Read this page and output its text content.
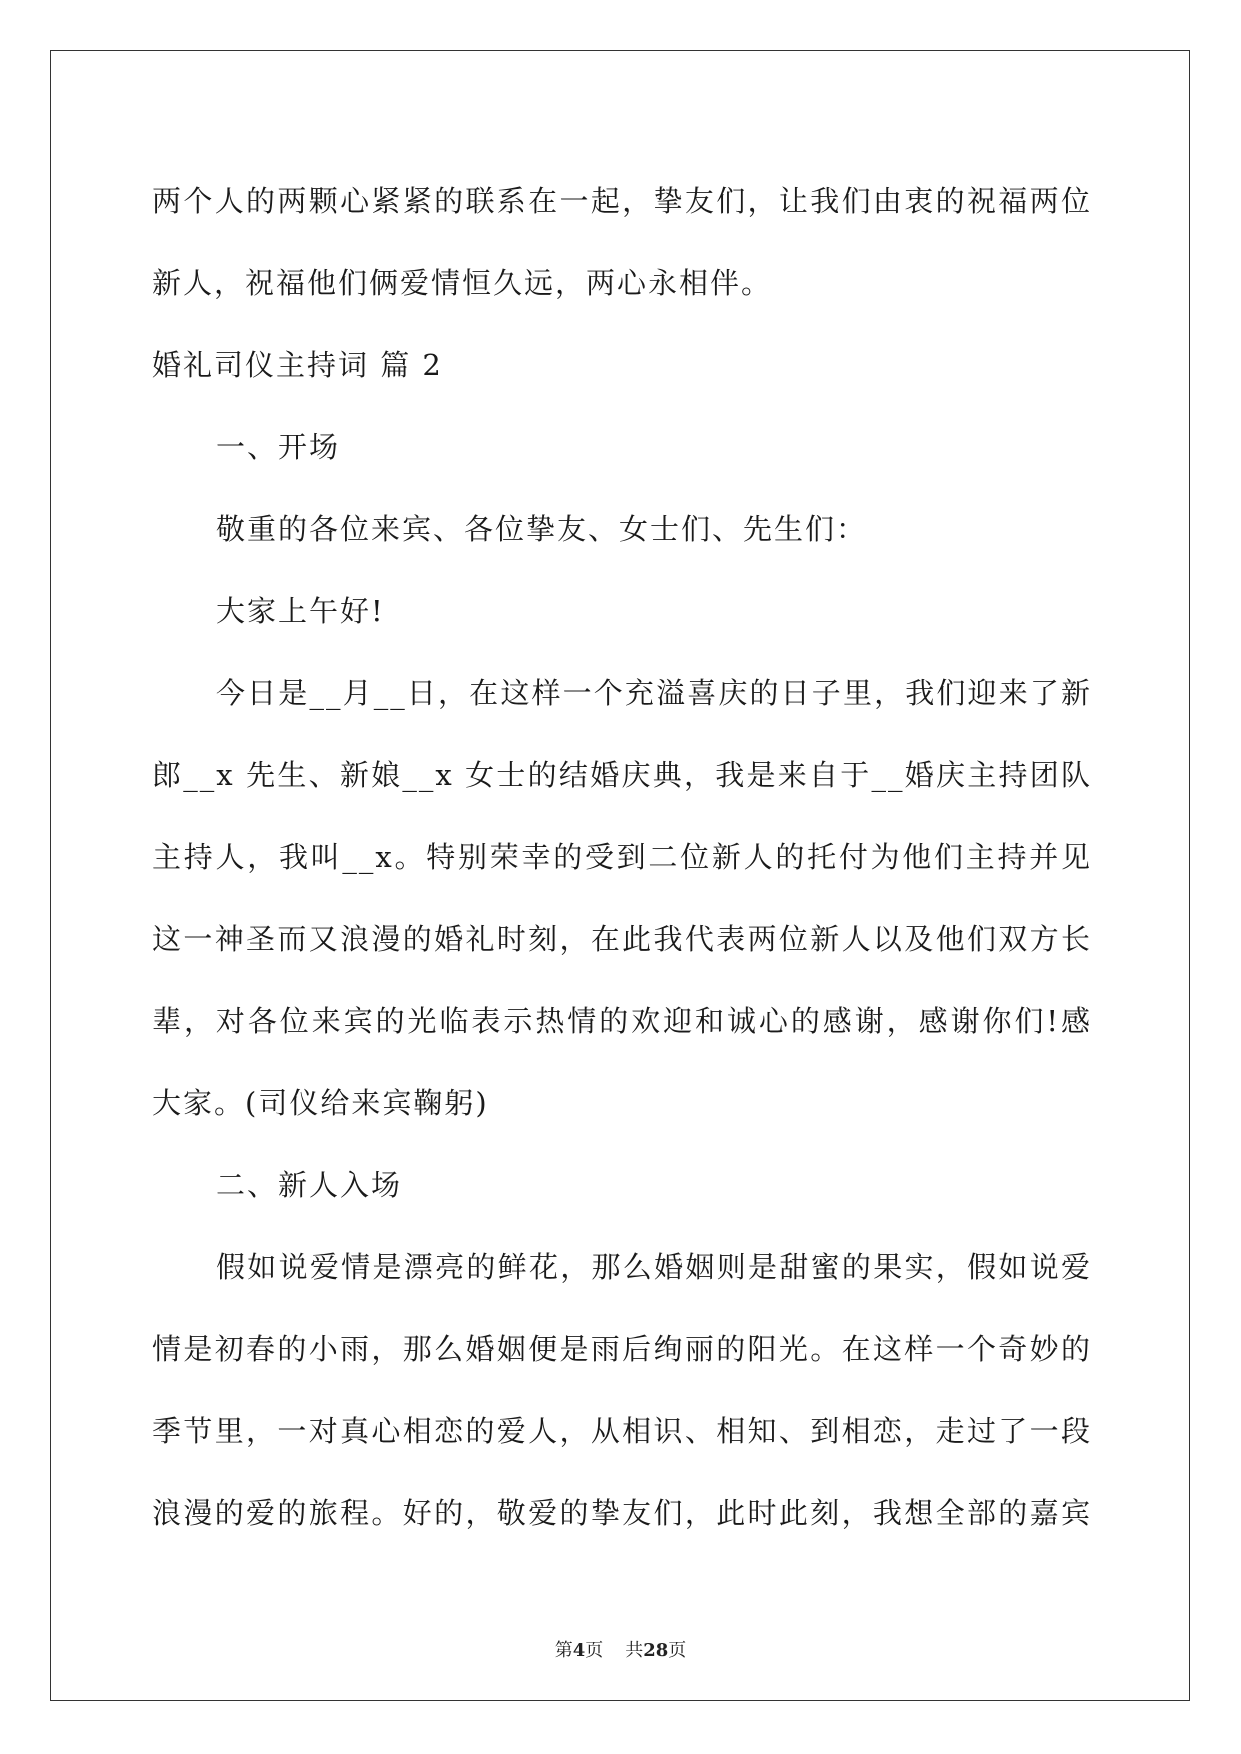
两个人的两颗心紧紧的联系在一起，挚友们，让我们由衷的祝福两位
新人，祝福他们俩爱情恒久远，两心永相伴。
婚礼司仪主持词 篇 2
一、开场
敬重的各位来宾、各位挚友、女士们、先生们：
大家上午好!
今日是__月__日，在这样一个充溢喜庆的日子里，我们迎来了新
郎__x 先生、新娘__x 女士的结婚庆典，我是来自于__婚庆主持团队
主持人，我叫__x。特别荣幸的受到二位新人的托付为他们主持并见
这一神圣而又浪漫的婚礼时刻，在此我代表两位新人以及他们双方长
辈，对各位来宾的光临表示热情的欢迎和诚心的感谢，感谢你们!感
大家。(司仪给来宾鞠躬)
二、新人入场
假如说爱情是漂亮的鲜花，那么婚姻则是甜蜜的果实，假如说爱
情是初春的小雨，那么婚姻便是雨后绚丽的阳光。在这样一个奇妙的
季节里，一对真心相恋的爱人，从相识、相知、到相恋，走过了一段
浪漫的爱的旅程。好的，敬爱的挚友们，此时此刻，我想全部的嘉宾
第4页 共28页
